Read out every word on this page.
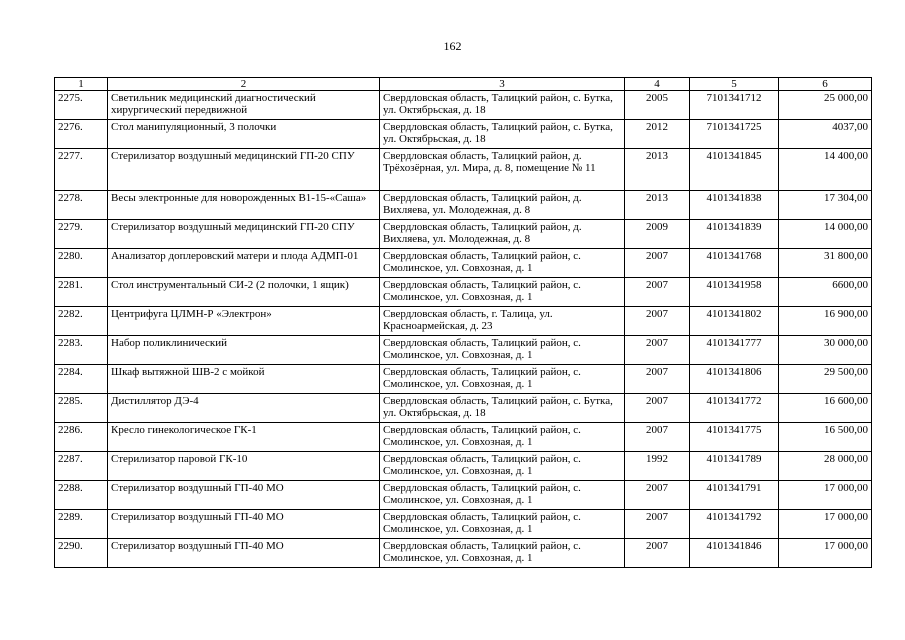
162
1	2	3	4	5	6
2275.	Светильник медицинский диагностический хирургический передвижной	Свердловская область, Талицкий район, с. Бутка, ул. Октябрьская, д. 18	2005	7101341712	25 000,00
2276.	Стол манипуляционный, 3 полочки	Свердловская область, Талицкий район, с. Бутка, ул. Октябрьская, д. 18	2012	7101341725	4037,00
2277.	Стерилизатор воздушный медицинский ГП-20 СПУ	Свердловская область, Талицкий район, д. Трёхозёрная, ул. Мира, д. 8, помещение № 11	2013	4101341845	14 400,00
2278.	Весы электронные для новорожденных В1-15-«Саша»	Свердловская область, Талицкий район, д. Вихляева, ул. Молодежная, д. 8	2013	4101341838	17 304,00
2279.	Стерилизатор воздушный медицинский ГП-20 СПУ	Свердловская область, Талицкий район, д. Вихляева, ул. Молодежная, д. 8	2009	4101341839	14 000,00
2280.	Анализатор доплеровский матери и плода АДМП-01	Свердловская область, Талицкий район, с. Смолинское, ул. Совхозная, д. 1	2007	4101341768	31 800,00
2281.	Стол инструментальный СИ-2 (2 полочки, 1 ящик)	Свердловская область, Талицкий район, с. Смолинское, ул. Совхозная, д. 1	2007	4101341958	6600,00
2282.	Центрифуга ЦЛМН-Р «Электрон»	Свердловская область, г. Талица, ул. Красноармейская, д. 23	2007	4101341802	16 900,00
2283.	Набор поликлинический	Свердловская область, Талицкий район, с. Смолинское, ул. Совхозная, д. 1	2007	4101341777	30 000,00
2284.	Шкаф вытяжной ШВ-2 с мойкой	Свердловская область, Талицкий район, с. Смолинское, ул. Совхозная, д. 1	2007	4101341806	29 500,00
2285.	Дистиллятор ДЭ-4	Свердловская область, Талицкий район, с. Бутка, ул. Октябрьская, д. 18	2007	4101341772	16 600,00
2286.	Кресло гинекологическое ГК-1	Свердловская область, Талицкий район, с. Смолинское, ул. Совхозная, д. 1	2007	4101341775	16 500,00
2287.	Стерилизатор паровой ГК-10	Свердловская область, Талицкий район, с. Смолинское, ул. Совхозная, д. 1	1992	4101341789	28 000,00
2288.	Стерилизатор воздушный ГП-40 МО	Свердловская область, Талицкий район, с. Смолинское, ул. Совхозная, д. 1	2007	4101341791	17 000,00
2289.	Стерилизатор воздушный ГП-40 МО	Свердловская область, Талицкий район, с. Смолинское, ул. Совхозная, д. 1	2007	4101341792	17 000,00
2290.	Стерилизатор воздушный ГП-40 МО	Свердловская область, Талицкий район, с. Смолинское, ул. Совхозная, д. 1	2007	4101341846	17 000,00
